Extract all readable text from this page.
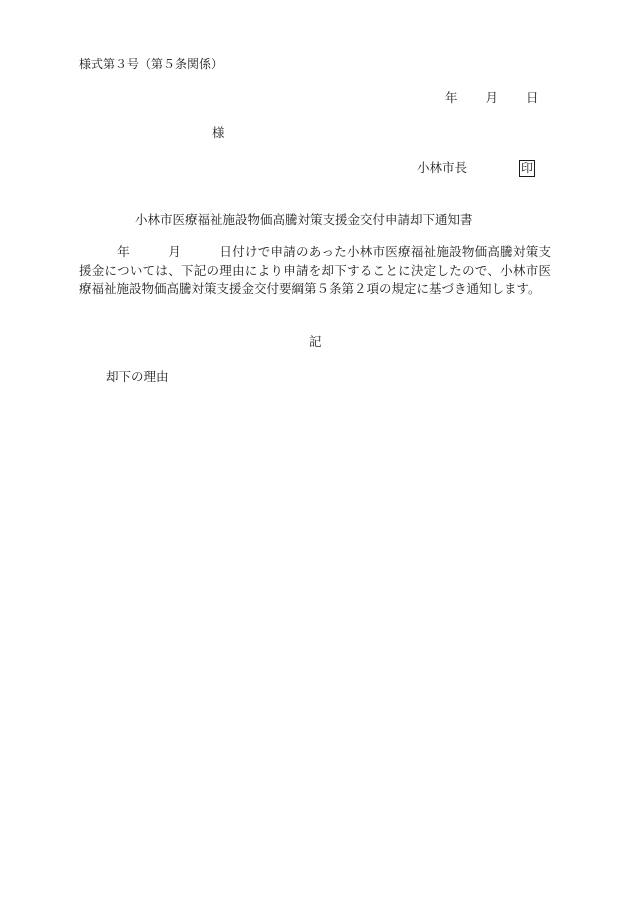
様式第３号（第５条関係）
年 月 日
様
小林市長	印
小林市医療福祉施設物価高騰対策支援金交付申請却下通知書
　　　年　　　月　　　日付けで申請のあった小林市医療福祉施設物価高騰対策支援金については、下記の理由により申請を却下することに決定したので、小林市医療福祉施設物価高騰対策支援金交付要綱第５条第２項の規定に基づき通知します。
記
却下の理由
